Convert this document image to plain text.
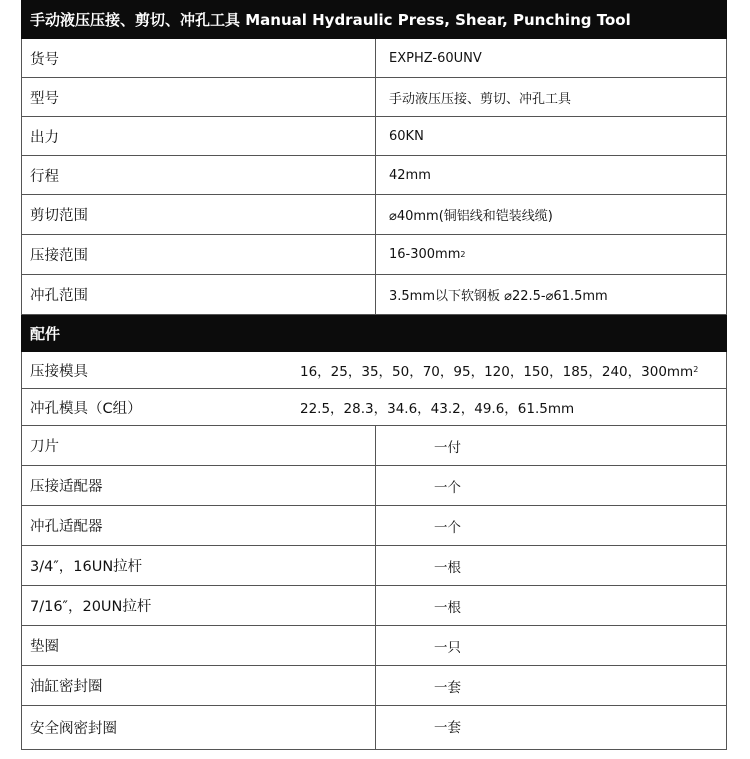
手动液压压接、剪切、冲孔工具 Manual Hydraulic Press, Shear, Punching Tool
货号	EXPHZ-60UNV
型号	手动液压压接、剪切、冲孔工具
出力	60KN
行程	42mm
剪切范围	⌀40mm(铜铝线和铠装线缆)
压接范围	16-300mm 2
冲孔范围	3.5mm以下软钢板 ⌀22.5-⌀61.5mm
配件
压接模具	16，25，35，50，70，95，120，150，185，240，300mm 2
冲孔模具（C组）	22.5，28.3，34.6，43.2，49.6，61.5mm
刀片	一付
压接适配器	一个
冲孔适配器	一个
3/4″，16UN拉杆	一根
7/16″，20UN拉杆	一根
垫圈	一只
油缸密封圈	一套
安全阀密封圈	一套
